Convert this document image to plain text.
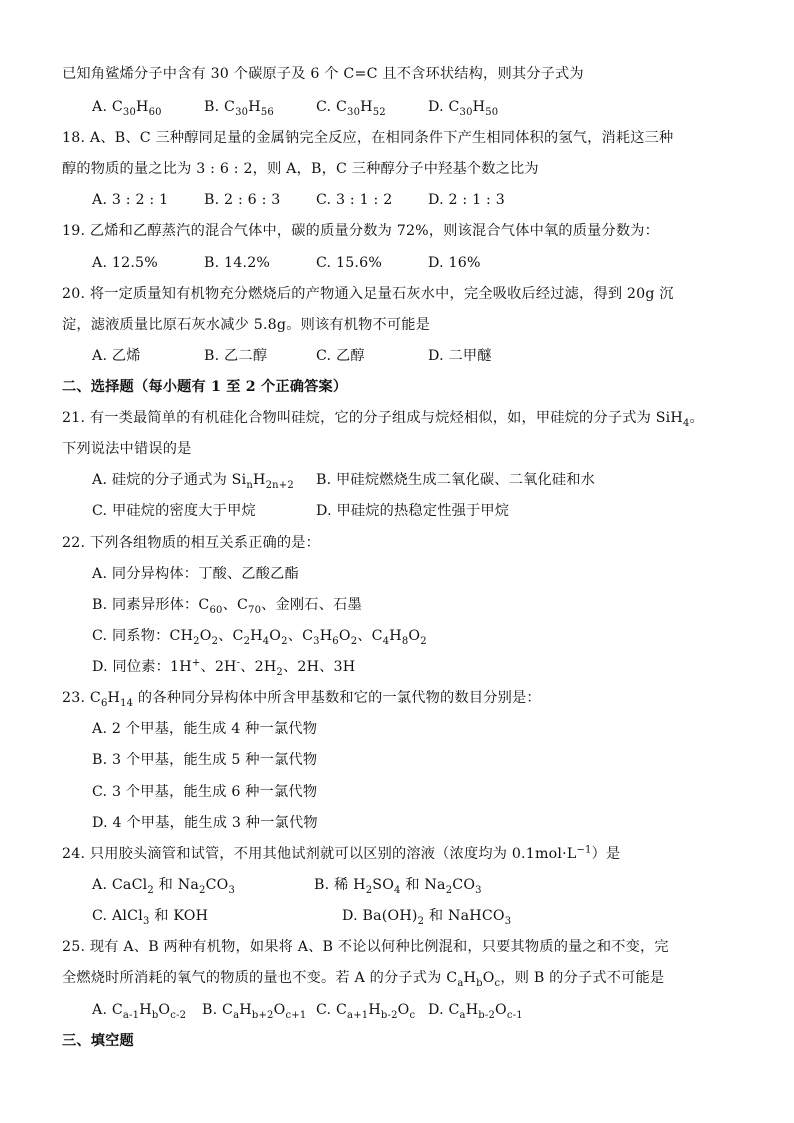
已知角鲨烯分子中含有 30 个碳原子及 6 个 C=C 且不含环状结构，则其分子式为
A. $C_{30}H_{60}$	B. $C_{30}H_{56}$	C. $C_{30}H_{52}$	D. $C_{30}H_{50}$
18. A、B、C 三种醇同足量的金属钠完全反应，在相同条件下产生相同体积的氢气，消耗这三种
醇的物质的量之比为 3 : 6 : 2，则 A，B，C 三种醇分子中羟基个数之比为
A. 3 : 2 : 1	B. 2 : 6 : 3 C. 3 : 1 : 2	D. 2 : 1 : 3
19. 乙烯和乙醇蒸汽的混合气体中，碳的质量分数为 72%，则该混合气体中氧的质量分数为：
A. 12.5%	B. 14.2%	C. 15.6%	D. 16%
20. 将一定质量知有机物充分燃烧后的产物通入足量石灰水中，完全吸收后经过滤，得到 20g 沉
淀，滤液质量比原石灰水减少 5.8g。则该有机物不可能是
A. 乙烯	B. 乙二醇	C. 乙醇	D. 二甲醚
二、选择题（每小题有 1 至 2 个正确答案）
21. 有一类最简单的有机硅化合物叫硅烷，它的分子组成与烷烃相似，如，甲硅烷的分子式为 SiH$_4$。
下列说法中错误的是
A. 硅烷的分子通式为 $Si_nH_{2n+2}$ B. 甲硅烷燃烧生成二氧化碳、二氧化硅和水
C. 甲硅烷的密度大于甲烷	D. 甲硅烷的热稳定性强于甲烷
22. 下列各组物质的相互关系正确的是：
A. 同分异构体：丁酸、乙酸乙酯
B. 同素异形体：$C_{60}$、$C_{70}$、金刚石、石墨
C. 同系物：$CH_2O_2$、$C_2H_4O_2$、$C_3H_6O_2$、$C_4H_8O_2$
D. 同位素：1H+、2H-、$2H_2$、2H、3H
23. $C_6H_{14}$ 的各种同分异构体中所含甲基数和它的一氯代物的数目分别是：
A. 2 个甲基，能生成 4 种一氯代物
B. 3 个甲基，能生成 5 种一氯代物
C. 3 个甲基，能生成 6 种一氯代物
D. 4 个甲基，能生成 3 种一氯代物
24. 只用胶头滴管和试管，不用其他试剂就可以区别的溶液（浓度均为 $0.1mol\cdot L^{-1}$）是
A. CaCl$_2$ 和 $Na_2CO_3$	B. 稀 $H_2SO_4$ 和 $Na_2CO_3$
C. AlCl$_3$ 和 KOH	D. $Ba(OH)_2$ 和 NaHCO$_3$
25. 现有 A、B 两种有机物，如果将 A、B 不论以何种比例混和，只要其物质的量之和不变，完
全燃烧时所消耗的氧气的物质的量也不变。若 A 的分子式为 $C_aH_bO_c$，则 B 的分子式不可能是
A. $C_{a-1}H_bO_{c-2}$ B. $C_aH_{b+2}O_{c+1}$ C. $C_{a+1}H_{b-2}O_c$ D. $C_aH_{b-2}O_{c-1}$
三、填空题
